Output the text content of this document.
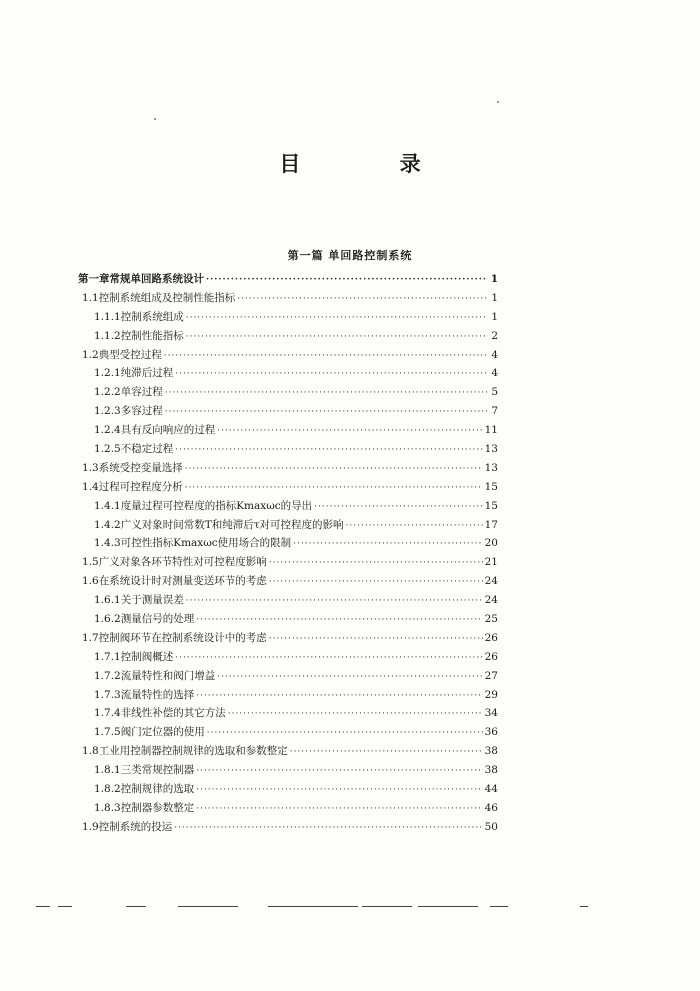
目 录
第一篇 单回路控制系统
第一章 常规单回路系统设计 ·····	1
1.1 控制系统组成及控制性能指标 ·····	1
1.1.1 控制系统组成 ·····	1
1.1.2 控制性能指标 ·····	2
1.2 典型受控过程 ·····	4
1.2.1 纯滞后过程 ·····	4
1.2.2 单容过程 ·····	5
1.2.3 多容过程 ·····	7
1.2.4 具有反向响应的过程 ·····	11
1.2.5 不稳定过程 ·····	13
1.3 系统受控变量选择 ·····	13
1.4 过程可控程度分析 ·····	15
1.4.1 度量过程可控程度的指标Kmaxωc的导出 ·····	15
1.4.2 广义对象时间常数T和纯滞后τ对可控程度的影响 ·····	17
1.4.3 可控性指标Kmaxωc使用场合的限制 ·····	20
1.5 广义对象各环节特性对可控程度影响 ·····	21
1.6 在系统设计时对测量变送环节的考虑 ·····	24
1.6.1 关于测量误差 ·····	24
1.6.2 测量信号的处理 ·····	25
1.7 控制阀环节在控制系统设计中的考虑 ·····	26
1.7.1 控制阀概述 ·····	26
1.7.2 流量特性和阀门增益 ·····	27
1.7.3 流量特性的选择 ·····	29
1.7.4 非线性补偿的其它方法 ·····	34
1.7.5 阀门定位器的使用 ·····	36
1.8 工业用控制器控制规律的选取和参数整定 ·····	38
1.8.1 三类常规控制器 ·····	38
1.8.2 控制规律的选取 ·····	44
1.8.3 控制器参数整定 ·····	46
1.9 控制系统的投运 ·····	50
